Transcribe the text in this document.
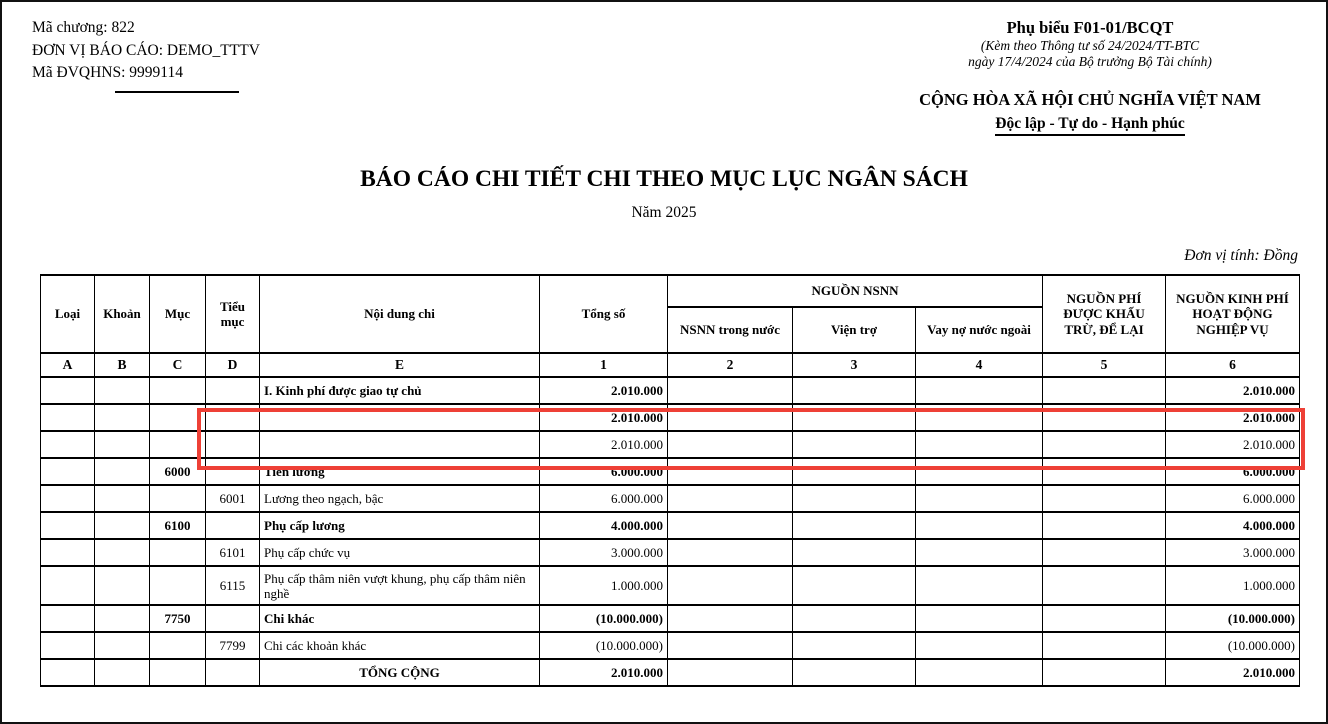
Mã chương: 822
ĐƠN VỊ BÁO CÁO: DEMO_TTTV
Mã ĐVQHNS: 9999114
Phụ biểu F01-01/BCQT
(Kèm theo Thông tư số 24/2024/TT-BTC
ngày 17/4/2024 của Bộ trưởng Bộ Tài chính)
CỘNG HÒA XÃ HỘI CHỦ NGHĨA VIỆT NAM
Độc lập - Tự do - Hạnh phúc
BÁO CÁO CHI TIẾT CHI THEO MỤC LỤC NGÂN SÁCH
Năm 2025
Đơn vị tính: Đồng
Loại	Khoản	Mục	Tiểu mục	Nội dung chi	Tổng số	NGUỒN NSNN			NGUỒN PHÍ ĐƯỢC KHẤU TRỪ, ĐỂ LẠI	NGUỒN KINH PHÍ HOẠT ĐỘNG NGHIỆP VỤ
						NSNN trong nước	Viện trợ	Vay nợ nước ngoài		
A	B	C	D	E	1	2	3	4	5	6
				I. Kinh phí được giao tự chủ	2.010.000					2.010.000
					2.010.000					2.010.000
					2.010.000					2.010.000
		6000		Tiền lương	6.000.000					6.000.000
			6001	Lương theo ngạch, bậc	6.000.000					6.000.000
		6100		Phụ cấp lương	4.000.000					4.000.000
			6101	Phụ cấp chức vụ	3.000.000					3.000.000
			6115	Phụ cấp thâm niên vượt khung, phụ cấp thâm niên nghề	1.000.000					1.000.000
		7750		Chi khác	(10.000.000)					(10.000.000)
			7799	Chi các khoản khác	(10.000.000)					(10.000.000)
				TỔNG CỘNG	2.010.000					2.010.000
